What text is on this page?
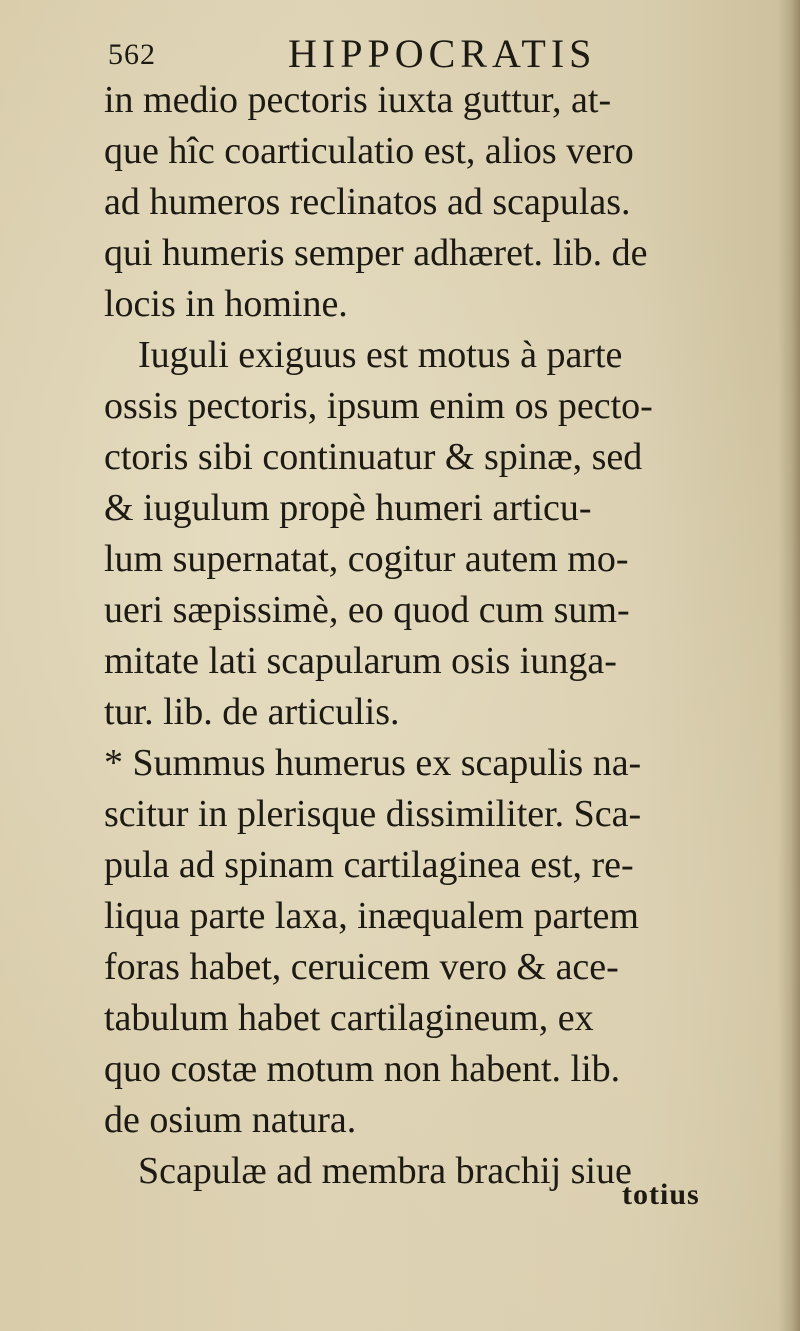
562	HIPPOCRATIS
in medio pectoris iuxta guttur, at-
que hîc coarticulatio est, alios vero
ad humeros reclinatos ad scapulas.
qui humeris semper adhæret. lib. de
locis in homine.
Iuguli exiguus est motus à parte
ossis pectoris, ipsum enim os pecto-
ctoris sibi continuatur & spinæ, sed
& iugulum propè humeri articu-
lum supernatat, cogitur autem mo-
ueri sæpissimè, eo quod cum sum-
mitate lati scapularum osis iunga-
tur. lib. de articulis.
* Summus humerus ex scapulis na-
scitur in plerisque dissimiliter. Sca-
pula ad spinam cartilaginea est, re-
liqua parte laxa, inæqualem partem
foras habet, ceruicem vero & ace-
tabulum habet cartilagineum, ex
quo costæ motum non habent. lib.
de osium natura.
Scapulæ ad membra brachij siue
totius
